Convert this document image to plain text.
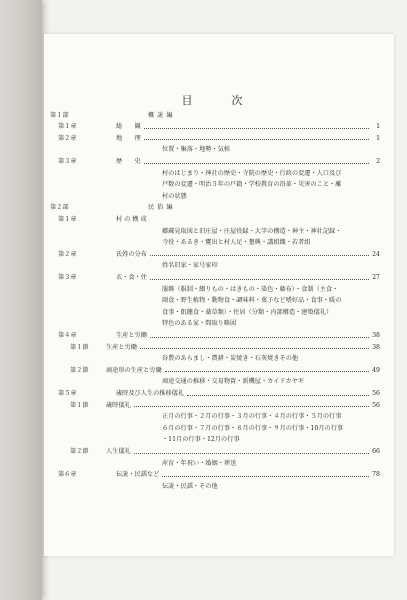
目　次
第１部	概説編
第１章	総　　観	1
第２章	地　　理	1
位置・集落・地勢・気候
第３章	歴　　史	2
村のはじまり・神社の歴史・寺院の歴史・行政の変遷・人口及び
戸数の変遷・明治５年の戸籍・学校教育の沿革・災害のこと・離
村の状態
第２部	民俗編
第１章	村 の 構 成
郷蔵見取図と旧庄屋・庄屋役録・大字の構造・神主・神社記録・
寺役・あるき・甕出と村人足・墾興・講組織・若者組
第２章	氏姓の分布	24
姓名旧家・家号家印
第３章	衣・食・住	27
服飾（服制・綴りもの・はきもの・染色・藤布）・食制（主食・
副食・野生植物・動物食・調味料・菓子など嗜好品・食事・暖の
食事・飢饉食・薬草類）・住居（分類・内部構造・建築儀礼）
特色のある家・間取り略図
第４章	生産と労働	38
第１節	生産と労働	38
谷農のあらまし・農耕・炭焼き・石灰焼きその他
第２節	商途形の生産と労働	49
商途交通の推移・交易物資・新機屋・カイドカヤギ
第５章	歳時及び人生の推移儀礼	56
第１節	歳時儀礼	56
正月の行事・２月の行事・３月の行事・４月の行事・５月の行事
６月の行事・７月の行事・８月の行事・９月の行事・10月の行事
・11月の行事・12月の行事
第２節	人生儀礼	66
産育・年祝い・婚姻・葬送
第６章	伝説・民謡など	78
伝説・民謡・その他
